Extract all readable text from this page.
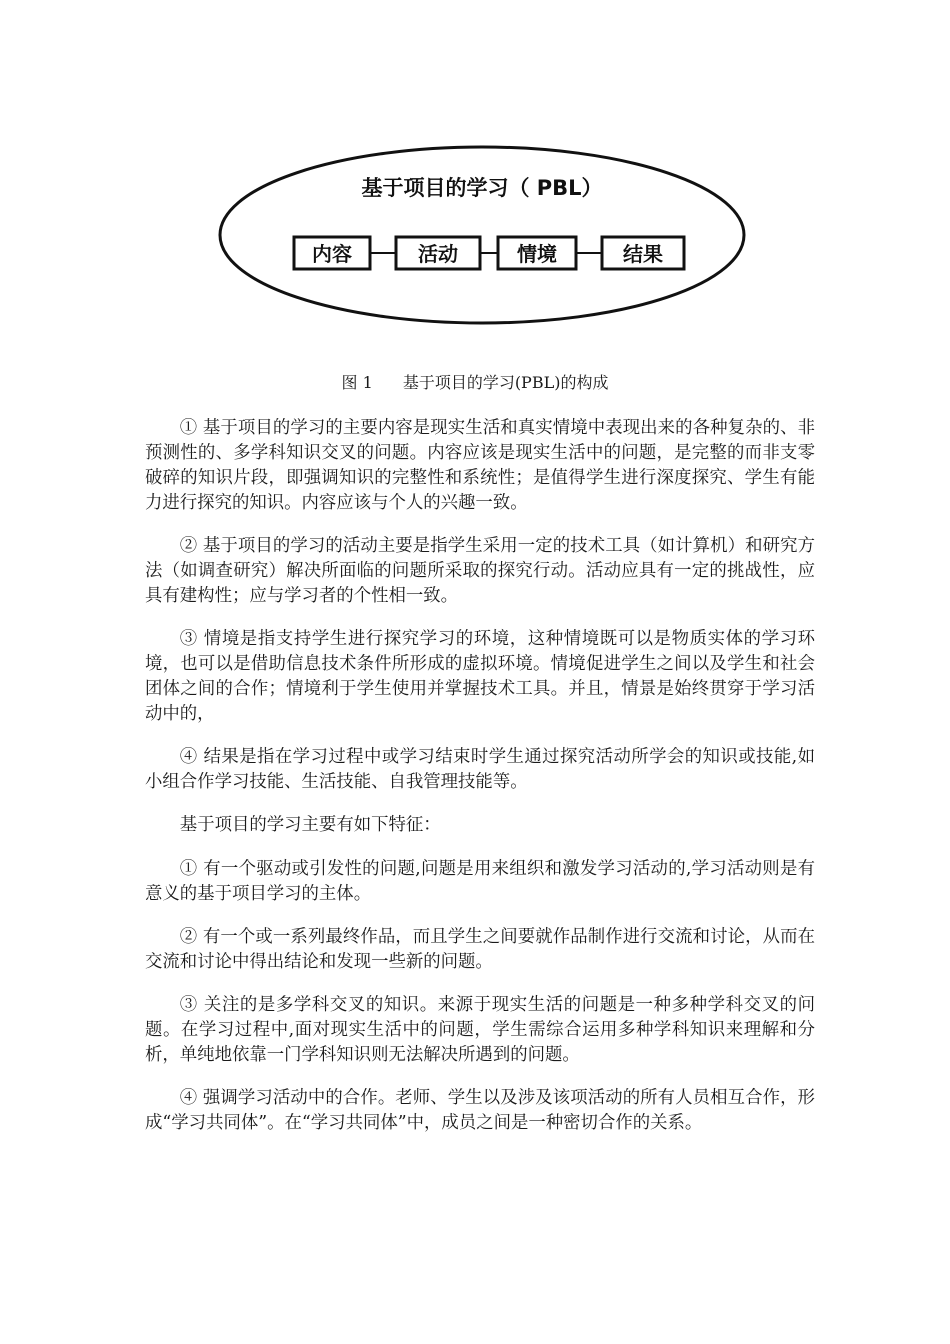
基于项目的学习（ PBL）
内容	活动	情境	结果
图 1 基于项目的学习(PBL)的构成

① 基于项目的学习的主要内容是现实生活和真实情境中表现出来的各种复杂的、非预测性的、多学科知识交叉的问题。内容应该是现实生活中的问题，是完整的而非支零破碎的知识片段，即强调知识的完整性和系统性；是值得学生进行深度探究、学生有能力进行探究的知识。内容应该与个人的兴趣一致。

② 基于项目的学习的活动主要是指学生采用一定的技术工具（如计算机）和研究方法（如调查研究）解决所面临的问题所采取的探究行动。活动应具有一定的挑战性，应具有建构性；应与学习者的个性相一致。

③ 情境是指支持学生进行探究学习的环境，这种情境既可以是物质实体的学习环境，也可以是借助信息技术条件所形成的虚拟环境。情境促进学生之间以及学生和社会团体之间的合作；情境利于学生使用并掌握技术工具。并且，情景是始终贯穿于学习活动中的，

④ 结果是指在学习过程中或学习结束时学生通过探究活动所学会的知识或技能,如小组合作学习技能、生活技能、自我管理技能等。

基于项目的学习主要有如下特征：

① 有一个驱动或引发性的问题,问题是用来组织和激发学习活动的,学习活动则是有意义的基于项目学习的主体。

② 有一个或一系列最终作品，而且学生之间要就作品制作进行交流和讨论，从而在交流和讨论中得出结论和发现一些新的问题。

③ 关注的是多学科交叉的知识。来源于现实生活的问题是一种多种学科交叉的问题。在学习过程中,面对现实生活中的问题，学生需综合运用多种学科知识来理解和分析，单纯地依靠一门学科知识则无法解决所遇到的问题。

④ 强调学习活动中的合作。老师、学生以及涉及该项活动的所有人员相互合作，形成“学习共同体”。在“学习共同体”中，成员之间是一种密切合作的关系。
